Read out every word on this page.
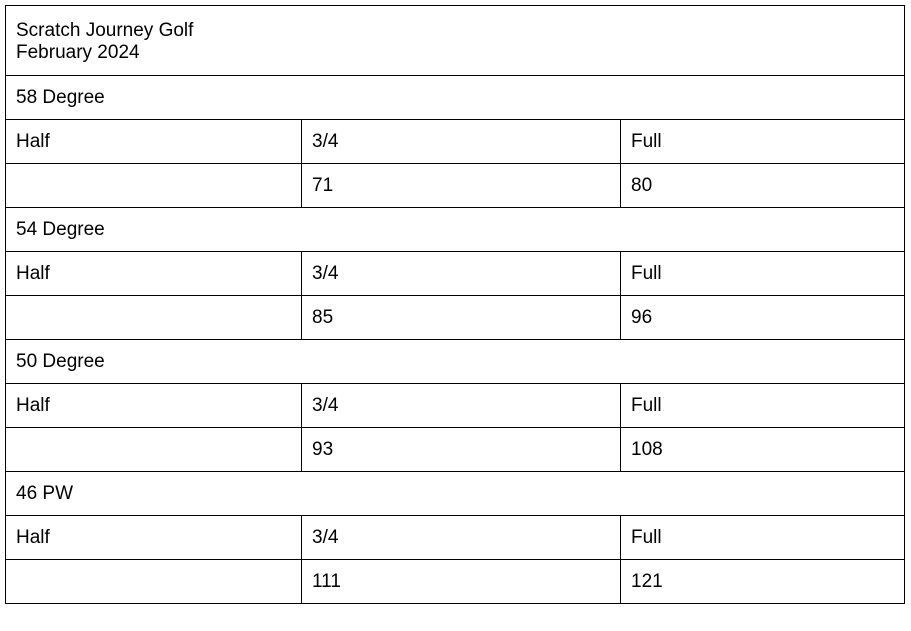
Scratch Journey Golf
February 2024		

58 Degree		
Half	3/4	Full
	71	80
54 Degree		
Half	3/4	Full
	85	96
50 Degree		
Half	3/4	Full
	93	108
46 PW		
Half	3/4	Full
	111	121
